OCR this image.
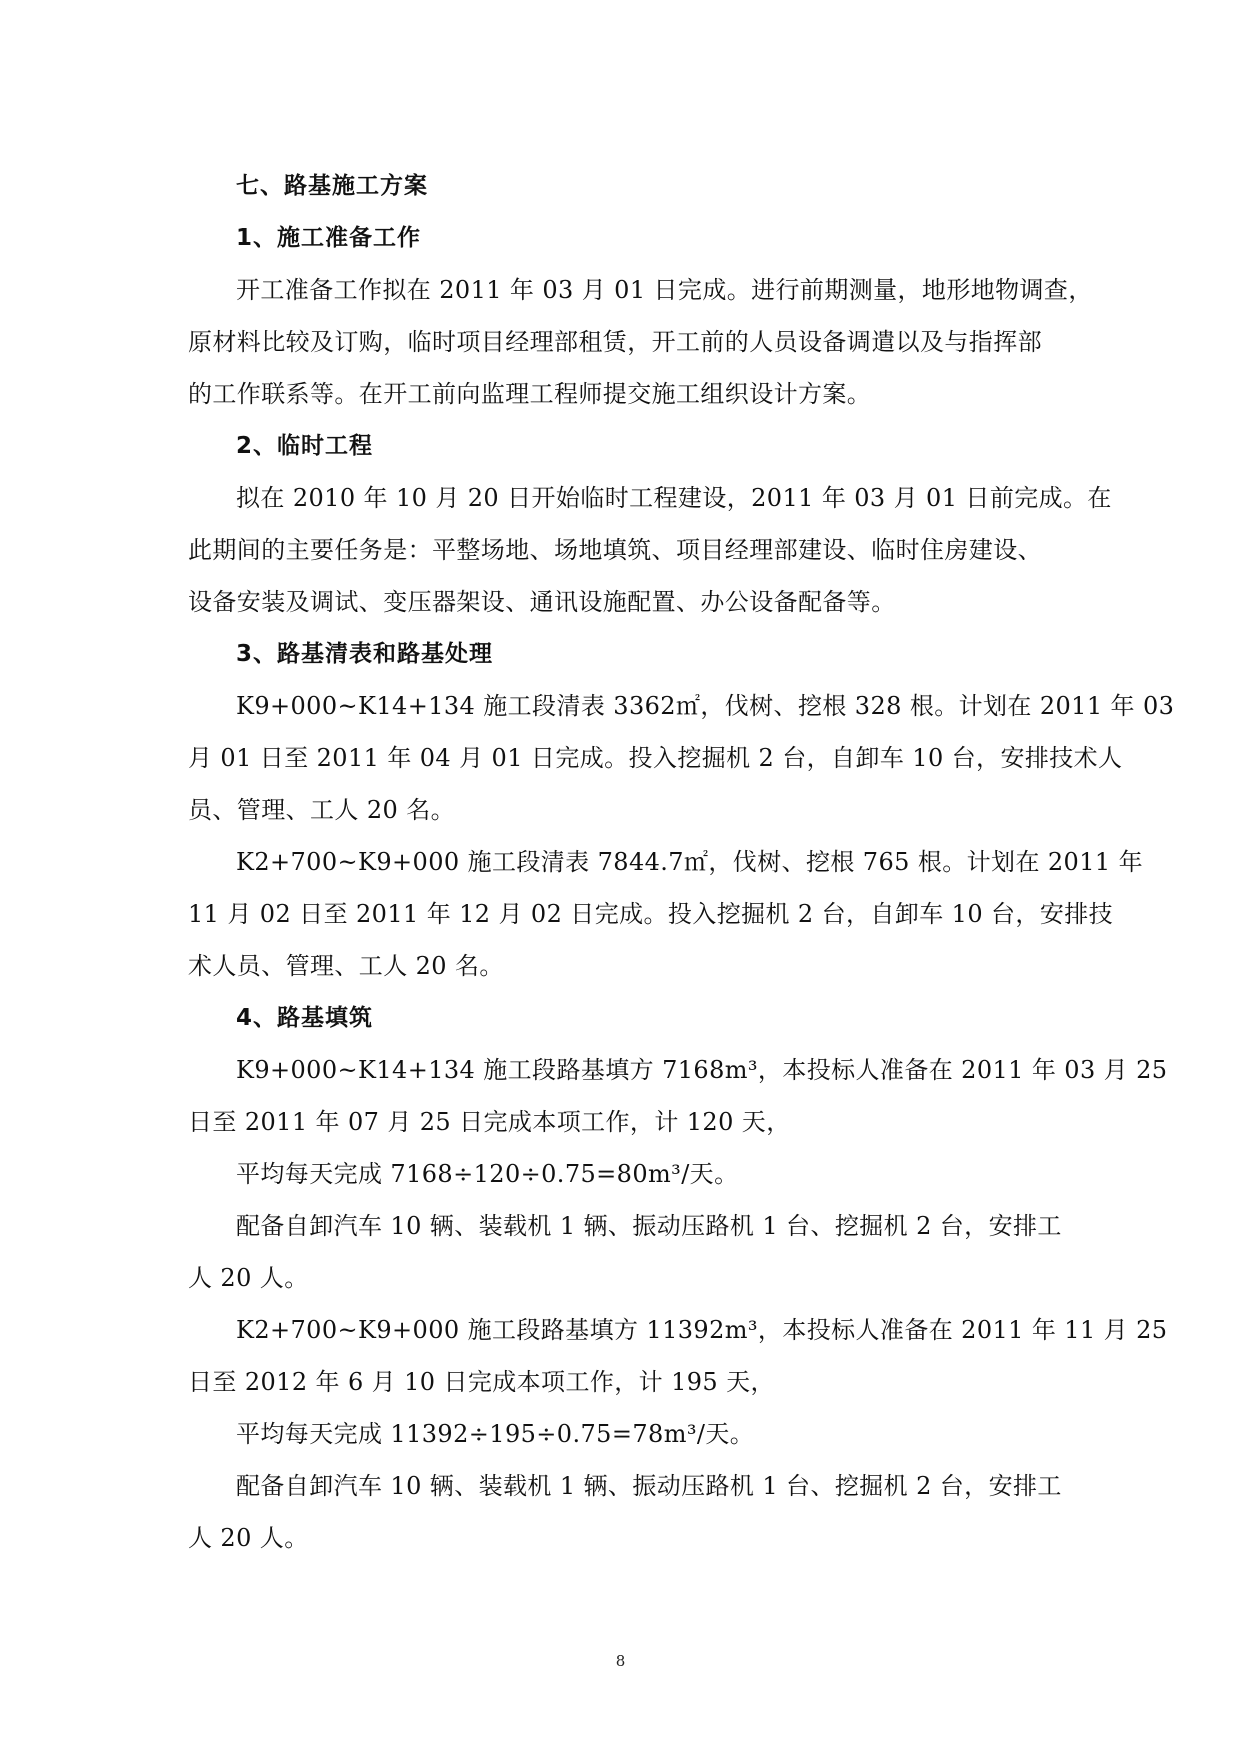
七、路基施工方案
1、施工准备工作
开工准备工作拟在 2011 年 03 月 01 日完成。进行前期测量，地形地物调查，
原材料比较及订购，临时项目经理部租赁，开工前的人员设备调遣以及与指挥部
的工作联系等。在开工前向监理工程师提交施工组织设计方案。
2、临时工程
拟在 2010 年 10 月 20 日开始临时工程建设，2011 年 03 月 01 日前完成。在
此期间的主要任务是：平整场地、场地填筑、项目经理部建设、临时住房建设、
设备安装及调试、变压器架设、通讯设施配置、办公设备配备等。
3、路基清表和路基处理
K9+000~K14+134 施工段清表 3362㎡，伐树、挖根 328 根。计划在 2011 年 03
月 01 日至 2011 年 04 月 01 日完成。投入挖掘机 2 台，自卸车 10 台，安排技术人
员、管理、工人 20 名。
K2+700~K9+000 施工段清表 7844.7㎡，伐树、挖根 765 根。计划在 2011 年
11 月 02 日至 2011 年 12 月 02 日完成。投入挖掘机 2 台，自卸车 10 台，安排技
术人员、管理、工人 20 名。
4、路基填筑
K9+000~K14+134 施工段路基填方 7168m³，本投标人准备在 2011 年 03 月 25
日至 2011 年 07 月 25 日完成本项工作，计 120 天，
平均每天完成 7168÷120÷0.75=80m³/天。
配备自卸汽车 10 辆、装载机 1 辆、振动压路机 1 台、挖掘机 2 台，安排工
人 20 人。
K2+700~K9+000 施工段路基填方 11392m³，本投标人准备在 2011 年 11 月 25
日至 2012 年 6 月 10 日完成本项工作，计 195 天，
平均每天完成 11392÷195÷0.75=78m³/天。
配备自卸汽车 10 辆、装载机 1 辆、振动压路机 1 台、挖掘机 2 台，安排工
人 20 人。
8
